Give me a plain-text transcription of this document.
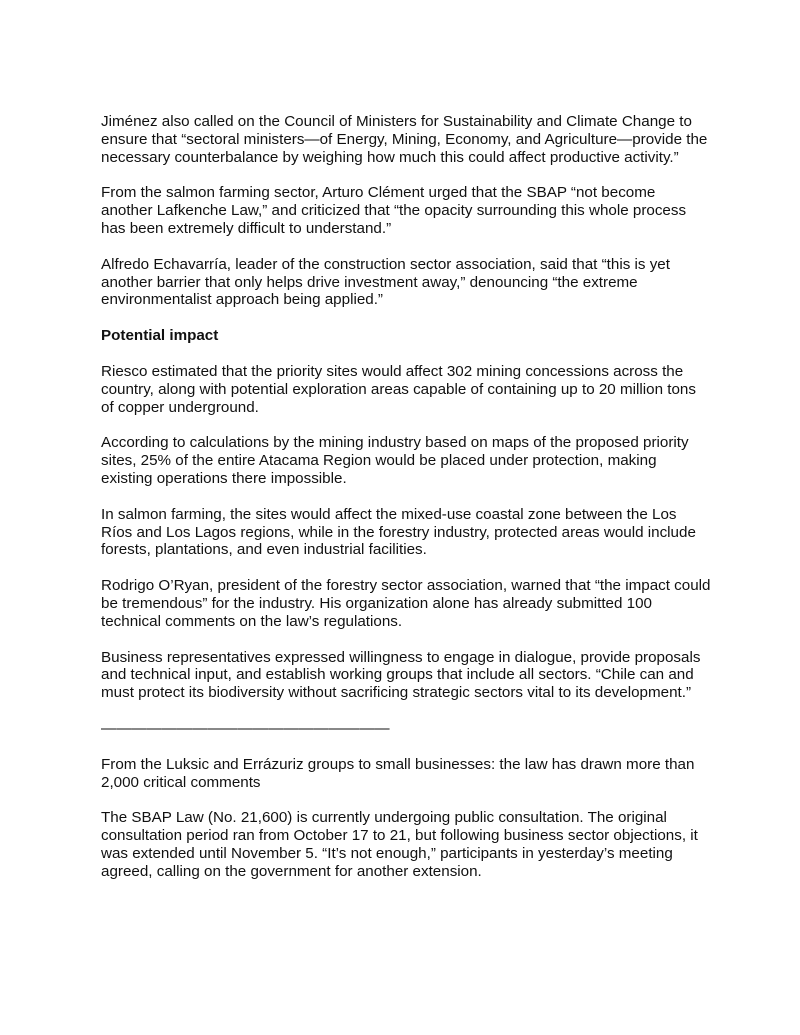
Jiménez also called on the Council of Ministers for Sustainability and Climate Change to ensure that “sectoral ministers—of Energy, Mining, Economy, and Agriculture—provide the necessary counterbalance by weighing how much this could affect productive activity.”

From the salmon farming sector, Arturo Clément urged that the SBAP “not become another Lafkenche Law,” and criticized that “the opacity surrounding this whole process has been extremely difficult to understand.”

Alfredo Echavarría, leader of the construction sector association, said that “this is yet another barrier that only helps drive investment away,” denouncing “the extreme environmentalist approach being applied.”

Potential impact

Riesco estimated that the priority sites would affect 302 mining concessions across the country, along with potential exploration areas capable of containing up to 20 million tons of copper underground.

According to calculations by the mining industry based on maps of the proposed priority sites, 25% of the entire Atacama Region would be placed under protection, making existing operations there impossible.

In salmon farming, the sites would affect the mixed-use coastal zone between the Los Ríos and Los Lagos regions, while in the forestry industry, protected areas would include forests, plantations, and even industrial facilities.

Rodrigo O’Ryan, president of the forestry sector association, warned that “the impact could be tremendous” for the industry. His organization alone has already submitted 100 technical comments on the law’s regulations.

Business representatives expressed willingness to engage in dialogue, provide proposals and technical input, and establish working groups that include all sectors. “Chile can and must protect its biodiversity without sacrificing strategic sectors vital to its development.”

———————————————————

From the Luksic and Errázuriz groups to small businesses: the law has drawn more than 2,000 critical comments

The SBAP Law (No. 21,600) is currently undergoing public consultation. The original consultation period ran from October 17 to 21, but following business sector objections, it was extended until November 5. “It’s not enough,” participants in yesterday’s meeting agreed, calling on the government for another extension.
